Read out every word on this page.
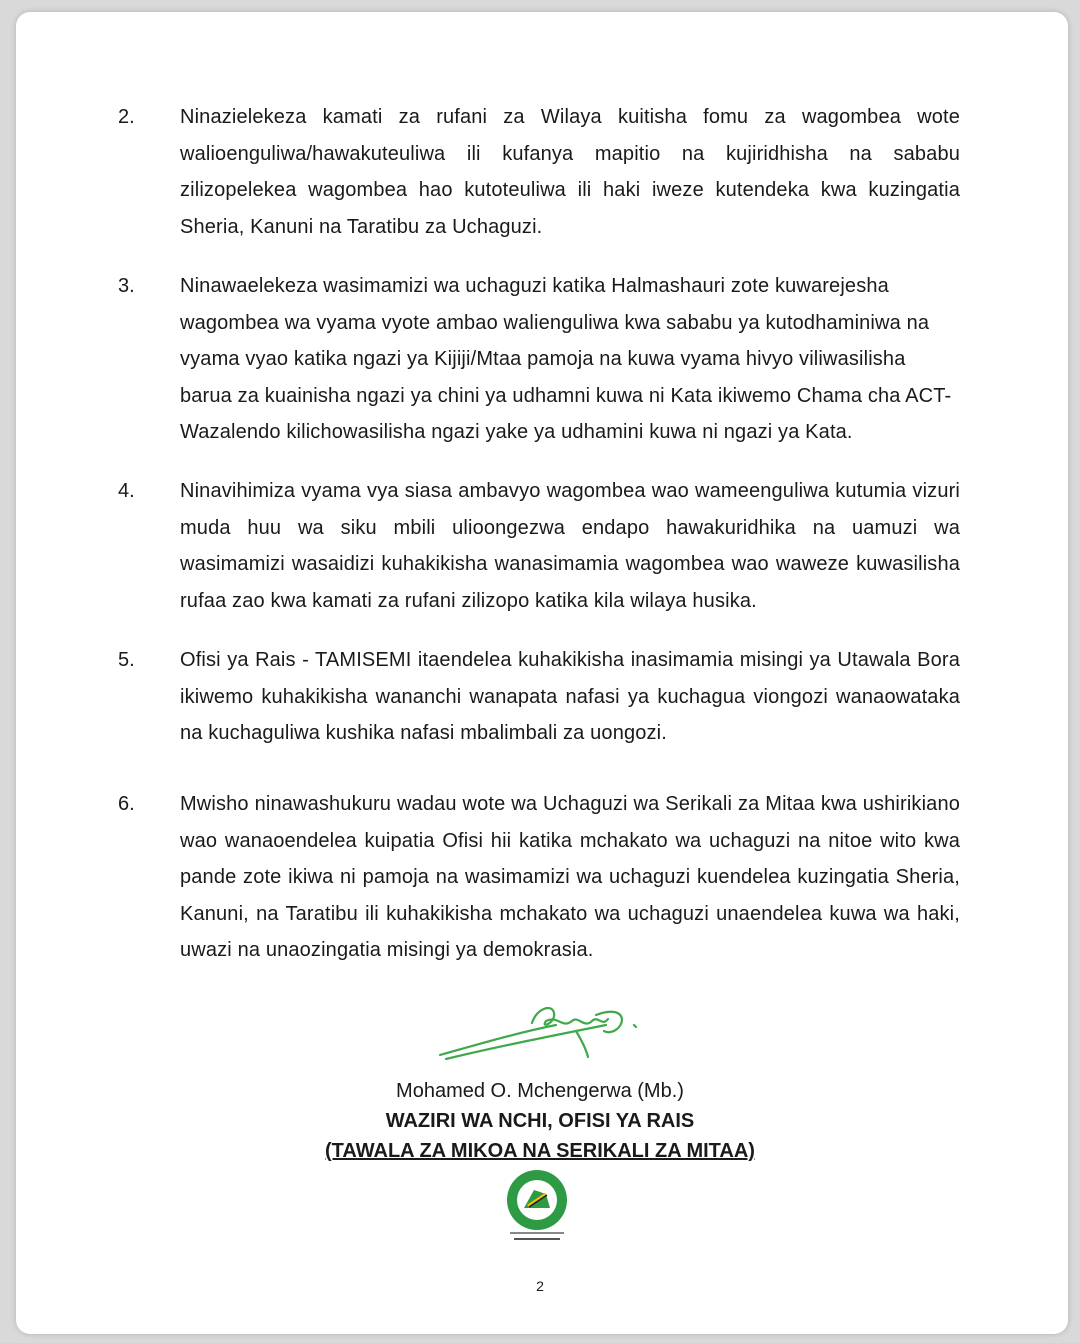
2.	Ninazielekeza kamati za rufani za Wilaya kuitisha fomu za wagombea wote walioenguliwa/hawakuteuliwa ili kufanya mapitio na kujiridhisha na sababu zilizopelekea wagombea hao kutoteuliwa ili haki iweze kutendeka kwa kuzingatia Sheria, Kanuni na Taratibu za Uchaguzi.
3.	Ninawaelekeza wasimamizi wa uchaguzi katika Halmashauri zote kuwarejesha wagombea wa vyama vyote ambao walienguliwa kwa sababu ya kutodhaminiwa na vyama vyao katika ngazi ya Kijiji/Mtaa pamoja na kuwa vyama hivyo viliwasilisha barua za kuainisha ngazi ya chini ya udhamni kuwa ni Kata ikiwemo Chama cha ACT-Wazalendo kilichowasilisha ngazi yake ya udhamini kuwa ni ngazi ya Kata.
4.	Ninavihimiza vyama vya siasa ambavyo wagombea wao wameenguliwa kutumia vizuri muda huu wa siku mbili ulioongezwa endapo hawakuridhika na uamuzi wa wasimamizi wasaidizi kuhakikisha wanasimamia wagombea wao waweze kuwasilisha rufaa zao kwa kamati za rufani zilizopo katika kila wilaya husika.
5.	Ofisi ya Rais - TAMISEMI itaendelea kuhakikisha inasimamia misingi ya Utawala Bora ikiwemo kuhakikisha wananchi wanapata nafasi ya kuchagua viongozi wanaowataka na kuchaguliwa kushika nafasi mbalimbali za uongozi.
6.	Mwisho ninawashukuru wadau wote wa Uchaguzi wa Serikali za Mitaa kwa ushirikiano wao wanaoendelea kuipatia Ofisi hii katika mchakato wa uchaguzi na nitoe wito kwa pande zote ikiwa ni pamoja na wasimamizi wa uchaguzi kuendelea kuzingatia Sheria, Kanuni, na Taratibu ili kuhakikisha mchakato wa uchaguzi unaendelea kuwa wa haki, uwazi na unaozingatia misingi ya demokrasia.
Mohamed O. Mchengerwa (Mb.)
WAZIRI WA NCHI, OFISI YA RAIS
(TAWALA ZA MIKOA NA SERIKALI ZA MITAA)
2
